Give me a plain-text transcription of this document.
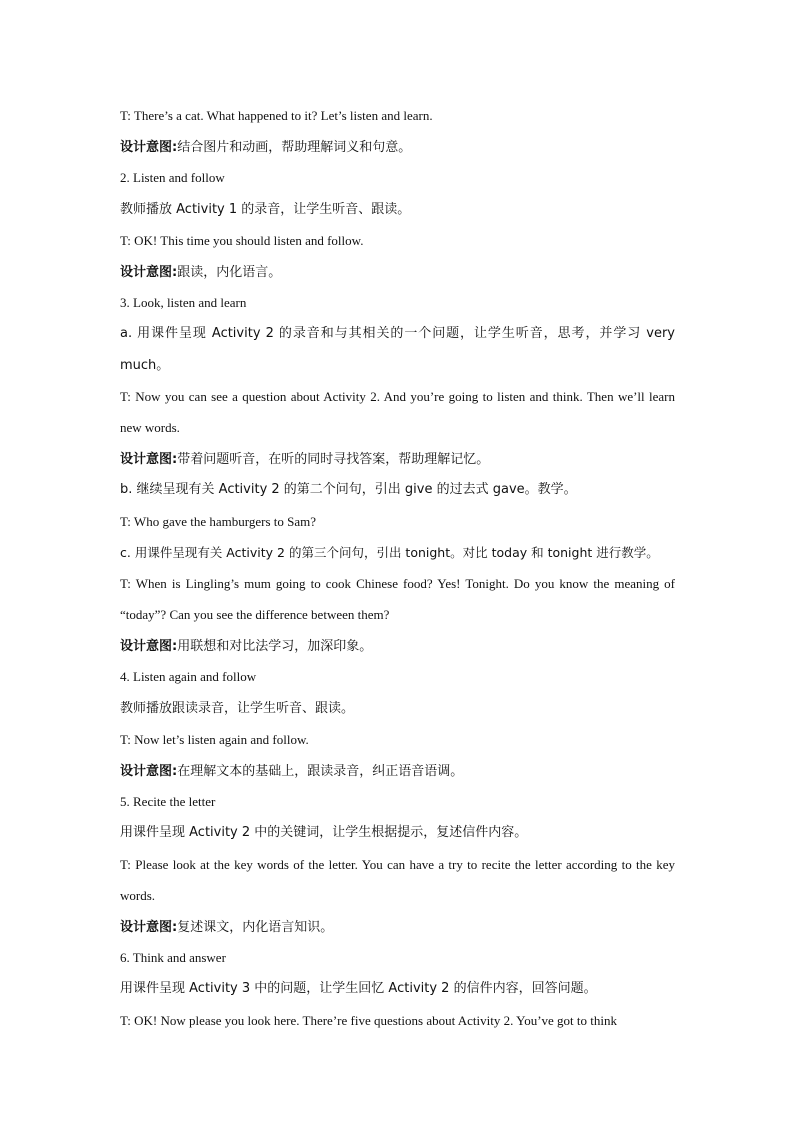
T: There’s a cat. What happened to it? Let’s listen and learn.
设计意图:结合图片和动画，帮助理解词义和句意。
2. Listen and follow
教师播放 Activity 1 的录音，让学生听音、跟读。
T: OK! This time you should listen and follow.
设计意图:跟读，内化语言。
3. Look, listen and learn

a. 用课件呈现 Activity 2 的录音和与其相关的一个问题，让学生听音，思考，并学习 very much。

T: Now you can see a question about Activity 2. And you’re going to listen and think. Then we’ll learn new words.

设计意图:带着问题听音，在听的同时寻找答案，帮助理解记忆。
b. 继续呈现有关 Activity 2 的第二个问句，引出 give 的过去式 gave。教学。
T: Who gave the hamburgers to Sam?
c. 用课件呈现有关 Activity 2 的第三个问句，引出 tonight。对比 today 和 tonight 进行教学。

T: When is Lingling’s mum going to cook Chinese food? Yes! Tonight. Do you know the meaning of “today”? Can you see the difference between them?

设计意图:用联想和对比法学习，加深印象。
4. Listen again and follow
教师播放跟读录音，让学生听音、跟读。
T: Now let’s listen again and follow.
设计意图:在理解文本的基础上，跟读录音，纠正语音语调。
5. Recite the letter
用课件呈现 Activity 2 中的关键词，让学生根据提示，复述信件内容。

T: Please look at the key words of the letter. You can have a try to recite the letter according to the key words.

设计意图:复述课文，内化语言知识。
6. Think and answer
用课件呈现 Activity 3 中的问题，让学生回忆 Activity 2 的信件内容，回答问题。
T: OK! Now please you look here. There’re five questions about Activity 2. You’ve got to think
